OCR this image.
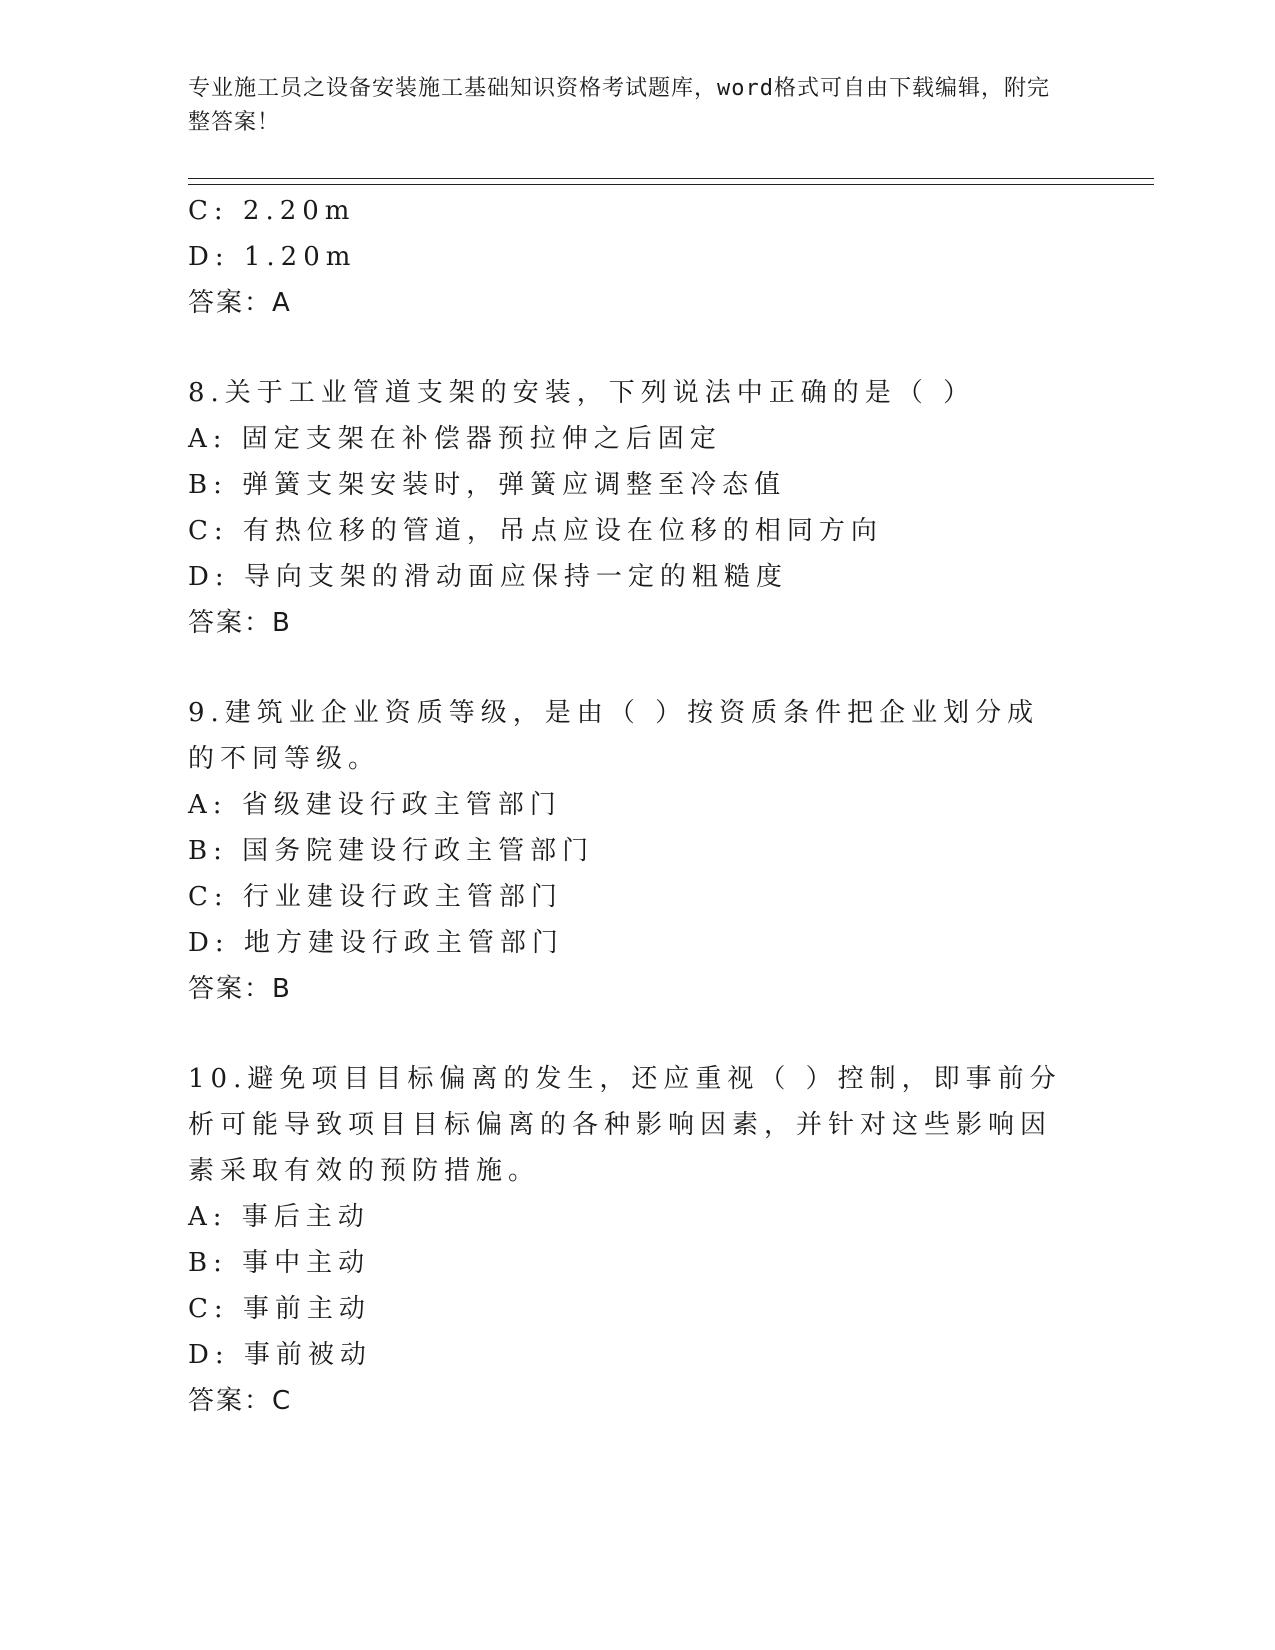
专业施工员之设备安装施工基础知识资格考试题库，word格式可自由下载编辑，附完整答案！
C: 2.20m
D: 1.20m
答案：A
8.关于工业管道支架的安装，下列说法中正确的是（ ）
A: 固定支架在补偿器预拉伸之后固定
B: 弹簧支架安装时，弹簧应调整至冷态值
C: 有热位移的管道，吊点应设在位移的相同方向
D: 导向支架的滑动面应保持一定的粗糙度
答案：B
9.建筑业企业资质等级，是由（ ）按资质条件把企业划分成的不同等级。
A: 省级建设行政主管部门
B: 国务院建设行政主管部门
C: 行业建设行政主管部门
D: 地方建设行政主管部门
答案：B
10.避免项目目标偏离的发生，还应重视（ ）控制，即事前分析可能导致项目目标偏离的各种影响因素，并针对这些影响因素采取有效的预防措施。
A: 事后主动
B: 事中主动
C: 事前主动
D: 事前被动
答案：C
